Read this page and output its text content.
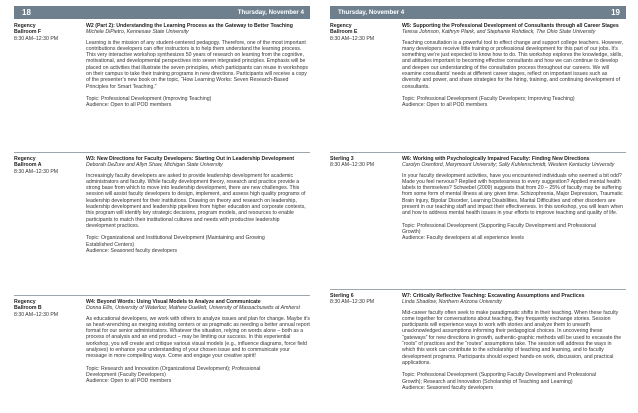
18	Thursday, November 4
Regency
Ballroom F
8:30 AM–12:30 PM
W2 (Part 2): Understanding the Learning Process as the Gateway to Better Teaching
Michele DiPietro, Kennesaw State University

Learning is the mission of any student-centered pedagogy. Therefore, one of the most important contributions developers can offer instructors is to help them understand the learning process. This very interactive workshop synthesizes 50 years of research on learning from the cognitive, motivational, and developmental perspectives into seven integrated principles. Emphasis will be placed on activities that illustrate the seven principles, which participants can reuse in workshops on their campus to take their training programs in new directions. Participants will receive a copy of the presenter’s new book on the topic, “How Learning Works: Seven Research-Based Principles for Smart Teaching.”

Topic: Professional Development (Improving Teaching)

Audience: Open to all POD members

Regency
Ballroom A
8:30 AM–12:30 PM
W3: New Directions for Faculty Developers: Starting Out in Leadership Development
Deborah DeZure and Allyn Shaw, Michigan State University

Increasingly faculty developers are asked to provide leadership development for academic administrators and faculty. While faculty development theory, research and practice provide a strong base from which to move into leadership development, there are new challenges. This session will assist faculty developers to design, implement, and assess high quality programs of leadership development for their institutions. Drawing on theory and research on leadership, leadership development and leadership pipelines from higher education and corporate contexts, this program will identify key strategic decisions, program models, and resources to enable participants to match their institutional cultures and needs with productive leadership development practices.

Topic: Organizational and Institutional Development (Maintaining and Growing
Established Centers)

Audience: Seasoned faculty developers

Regency
Ballroom B
8:30 AM–12:30 PM
W4: Beyond Words: Using Visual Models to Analyze and Communicate
Donna Ellis, University of Waterloo; Mathew Ouellett, University of Massachusetts at Amherst

As educational developers, we work with others to analyze issues and plan for change. Maybe it’s as heart-wrenching as merging existing centers or as pragmatic as needing a better annual report format for our senior administrators. Whatever the situation, relying on words alone – both as a process of analysis and an end product – may be limiting our success. In this experiential workshop, you will create and critique various visual models (e.g., influence diagrams, force field analyses) to enhance your understanding of your chosen issue and to communicate your message in more compelling ways. Come and engage your creative spirit!

Topic: Research and Innovation (Organizational Development); Professional
Development (Faculty Developers)

Audience: Open to all POD members

Thursday, November 4	19
Regency
Ballroom E
8:30 AM–12:30 PM
W5: Supporting the Professional Development of Consultants through all Career Stages
Teresa Johnson, Kathryn Plank, and Stephanie Rohdieck, The Ohio State University

Teaching consultation is a powerful tool to effect change and support college teachers. However, many developers receive little training or professional development for this part of our jobs. It’s something we’re just expected to know how to do. This workshop explores the knowledge, skills, and attitudes important to becoming effective consultants and how we can continue to develop and deepen our understanding of the consultation process throughout our careers. We will examine consultants’ needs at different career stages, reflect on important issues such as diversity and power, and share strategies for the hiring, training, and continuing development of consultants.

Topic: Professional Development (Faculty Developers; Improving Teaching)

Audience: Open to all POD members

Sterling 3
8:30 AM–12:30 PM
W6: Working with Psychologically Impaired Faculty: Finding New Directions
Carolyn Oxenford, Marymount University; Sally Kuhlenschmidt, Western Kentucky University

In your faculty development activities, have you encountered individuals who seemed a bit odd? Made you feel nervous? Replied with hopelessness to every suggestion? Applied mental health labels to themselves? Schwebel (2009) suggests that from 20 – 25% of faculty may be suffering from some form of mental illness at any given time. Schizophrenia, Major Depression, Traumatic Brain Injury, Bipolar Disorder, Learning Disabilities, Marital Difficulties and other disorders are present in our teaching staff and impact their effectiveness. In this workshop, you will learn when and how to address mental health issues in your efforts to improve teaching and quality of life.

Topic: Professional Development (Supporting Faculty Development and Professional
Growth)

Audience: Faculty developers at all experience levels

Sterling 6
8:30 AM–12:30 PM
W7: Critically Reflective Teaching: Excavating Assumptions and Practices
Linda Shadiow, Northern Arizona University

Mid-career faculty often seek to make paradigmatic shifts in their teaching. When these faculty come together for conversations about teaching, they frequently exchange stories. Session participants will experience ways to work with stories and analyze them to unearth unacknowledged assumptions informing their pedagogical choices. In uncovering these “gateways” for new directions in growth, authentic-graphic methods will be used to excavate the “roots” of practices and the “routes” assumptions take. The session will address the ways in which this work can contribute to the scholarship of teaching and learning, and to faculty development programs. Participants should expect hands-on work, discussion, and practical applications.

Topic: Professional Development (Supporting Faculty Development and Professional
Growth); Research and Innovation (Scholarship of Teaching and Learning)

Audience: Seasoned faculty developers
